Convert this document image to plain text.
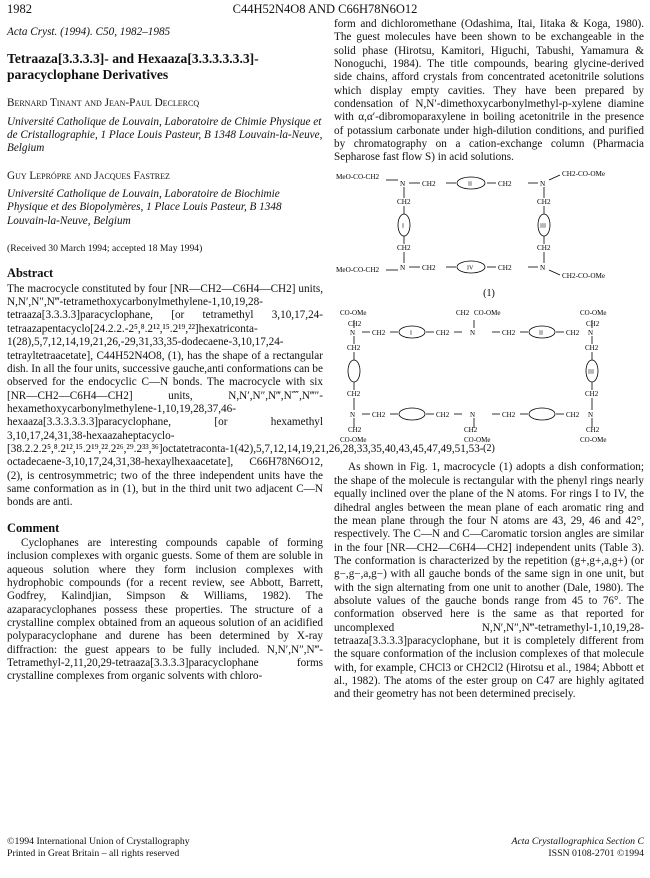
1982	C44H52N4O8 AND C66H78N6O12

Acta Cryst. (1994). C50, 1982–1985

Tetraaza[3.3.3.3]- and Hexaaza[3.3.3.3.3.3]-paracyclophane Derivatives

Bernard Tinant and Jean-Paul Declercq

Université Catholique de Louvain, Laboratoire de Chimie Physique et de Cristallographie, 1 Place Louis Pasteur, B 1348 Louvain-la-Neuve, Belgium

Guy Leprópre and Jacques Fastrez

Université Catholique de Louvain, Laboratoire de Biochimie Physique et des Biopolymères, 1 Place Louis Pasteur, B 1348 Louvain-la-Neuve, Belgium

(Received 30 March 1994; accepted 18 May 1994)

Abstract

The macrocycle constituted by four [NR—CH2—C6H4—CH2] units, N,N′,N″,N‴-tetramethoxycarbonylmethylene-1,10,19,28-tetraaza[3.3.3.3]paracyclophane, [or tetramethyl 3,10,17,24-tetraazapentacyclo[24.2.2.-2⁵,⁸.2¹²,¹⁵.2¹⁹,²²]hexatriconta-1(28),5,7,12,14,19,21,26,-29,31,33,35-dodecaene-3,10,17,24-tetrayltetraacetate], C44H52N4O8, (1), has the shape of a rectangular dish. In all the four units, successive gauche,anti conformations can be observed for the endocyclic C—N bonds. The macrocycle with six [NR—CH2—C6H4—CH2] units, N,N′,N″,N‴,N⁗,N‴″-hexamethoxycarbonylmethylene-1,10,19,28,37,46-hexaaza[3.3.3.3.3.3]paracyclophane, [or hexamethyl 3,10,17,24,31,38-hexaazaheptacyclo-[38.2.2.2⁵,⁸.2¹²,¹⁵.2¹⁹,²².2²⁶,²⁹.2³³,³⁶]octatetracontа-1(42),5,7,12,14,19,21,26,28,33,35,40,43,45,47,49,51,53-octadecaene-3,10,17,24,31,38-hexaylhexaacetate], C66H78N6O12, (2), is centrosymmetric; two of the three independent units have the same conformation as in (1), but in the third unit two adjacent C—N bonds are anti.

Comment

Cyclophanes are interesting compounds capable of forming inclusion complexes with organic guests. Some of them are soluble in aqueous solution where they form inclusion complexes with hydrophobic compounds (for a recent review, see Abbott, Barrett, Godfrey, Kalindjian, Simpson & Williams, 1982). The azaparacyclophanes possess these properties. The structure of a crystalline complex obtained from an aqueous solution of an acidified polyparacyclophane and durene has been determined by X-ray diffraction: the guest appears to be fully included. N,N′,N″,N‴-Tetramethyl-2,11,20,29-tetraaza[3.3.3.3]paracyclophane forms crystalline complexes from organic solvents with chloro-

form and dichloromethane (Odashima, Itai, Iitaka & Koga, 1980). The guest molecules have been shown to be exchangeable in the solid phase (Hirotsu, Kamitori, Higuchi, Tabushi, Yamamura & Nonoguchi, 1984). The title compounds, bearing glycine-derived side chains, afford crystals from concentrated acetonitrile solutions which display empty cavities. They have been prepared by condensation of N,N′-dimethoxycarbonylmethyl-p-xylene diamine with α,α′-dibromoparaxylene in boiling acetonitrile in the presence of potassium carbonate under high-dilution conditions, and purified by chromatography on a cation-exchange column (Pharmacia Sepharose fast flow S) in acid solutions.

MeO-CO-CH2	CH2-CO-OMe
MeO-CO-CH2
CH2-CO-OMe
N	N
N	N
CH2	CH2
CH2	CH2
CH2
CH2
CH2
CH2
II
I	III
IV
(1)
CO-OMe
CH2
CH2 CO-OMe	CO-OMe
CH2
N	N	N
CH2	CH2	CH2	CH2
CH2
CH2
CH2
CH2
N	N	N
CH2	CH2	CH2	CH2
CH2
CO-OMe
CH2
CO-OMe
CH2
CO-OMe
I	II
III
(2)

As shown in Fig. 1, macrocycle (1) adopts a dish conformation; the shape of the molecule is rectangular with the phenyl rings nearly equally inclined over the plane of the N atoms. For rings I to IV, the dihedral angles between the mean plane of each aromatic ring and the mean plane through the four N atoms are 43, 29, 46 and 42°, respectively. The C—N and C—Caromatic torsion angles are similar in the four [NR—CH2—C6H4—CH2] independent units (Table 3). The conformation is characterized by the repetition (g+,g+,a,g+) (or g−,g−,a,g−) with all gauche bonds of the same sign in one unit, but with the sign alternating from one unit to another (Dale, 1980). The absolute values of the gauche bonds range from 45 to 76°. The conformation observed here is the same as that reported for uncomplexed N,N′,N″,N‴-tetramethyl-1,10,19,28-tetraaza[3.3.3.3]paracyclophane, but it is completely different from the square conformation of the inclusion complexes of that molecule with, for example, CHCl3 or CH2Cl2 (Hirotsu et al., 1984; Abbott et al., 1982). The atoms of the ester group on C47 are highly agitated and their geometry has not been determined precisely.

©1994 International Union of Crystallography
Printed in Great Britain – all rights reserved
Acta Crystallographica Section C
ISSN 0108-2701 ©1994
